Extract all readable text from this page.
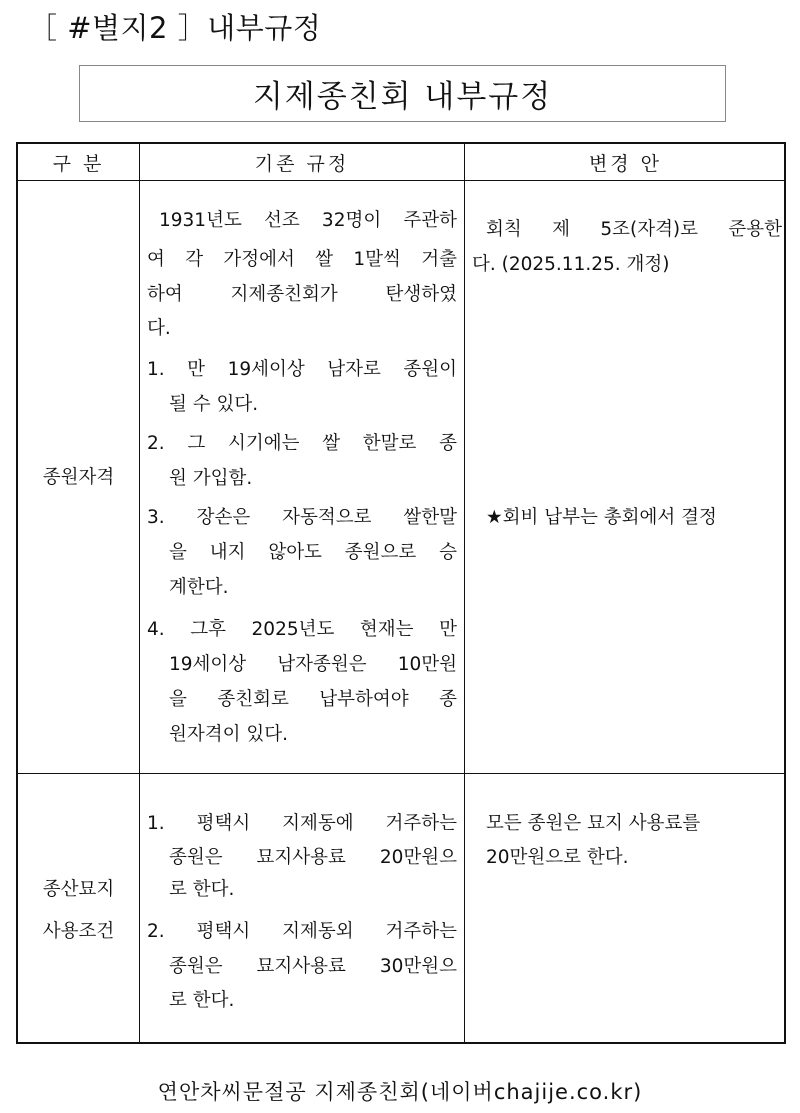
［ #별지2 ］내부규정
지제종친회 내부규정
구 분	기존 규정	변경 안
종원자격
1931년도 선조 32명이 주관하
여 각 가정에서 쌀 1말씩 거출
하여 지제종친회가 탄생하였
다.
1. 만 19세이상 남자로 종원이
될 수 있다.
2. 그 시기에는 쌀 한말로 종
원 가입함.
3. 장손은 자동적으로 쌀한말
을 내지 않아도 종원으로 승
계한다.
4. 그후 2025년도 현재는 만
19세이상 남자종원은 10만원
을 종친회로 납부하여야 종
원자격이 있다.
회칙 제 5조(자격)로 준용한
다. (2025.11.25. 개정)
★회비 납부는 총회에서 결정
종산묘지
사용조건
1. 평택시 지제동에 거주하는
종원은 묘지사용료 20만원으
로 한다.
2. 평택시 지제동외 거주하는
종원은 묘지사용료 30만원으
로 한다.
모든 종원은 묘지 사용료를
20만원으로 한다.
연안차씨문절공 지제종친회(네이버chajije.co.kr)
